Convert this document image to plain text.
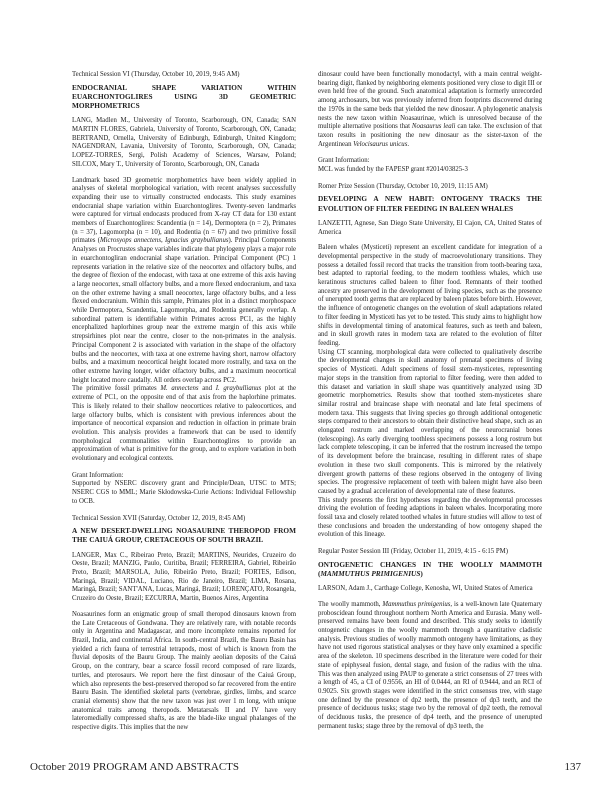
Technical Session VI (Thursday, October 10, 2019, 9:45 AM)

ENDOCRANIAL SHAPE VARIATION WITHIN EUARCHONTOGLIRES USING 3D GEOMETRIC MORPHOMETRICS

LANG, Madlen M., University of Toronto, Scarborough, ON, Canada; SAN MARTIN FLORES, Gabriela, University of Toronto, Scarborough, ON, Canada; BERTRAND, Ornella, University of Edinburgh, Edinburgh, United Kingdom; NAGENDRAN, Lavania, University of Toronto, Scarborough, ON, Canada; LOPEZ-TORRES, Sergi, Polish Academy of Sciences, Warsaw, Poland; SILCOX, Mary T., University of Toronto, Scarborough, ON, Canada

Landmark based 3D geometric morphometrics have been widely applied in analyses of skeletal morphological variation, with recent analyses successfully expanding their use to virtually constructed endocasts. This study examines endocranial shape variation within Euarchontoglires. Twenty-seven landmarks were captured for virtual endocasts produced from X-ray CT data for 130 extant members of Euarchontoglires: Scandentia (n = 14), Dermoptera (n = 2), Primates (n = 37), Lagomorpha (n = 10), and Rodentia (n = 67) and two primitive fossil primates (Microsyops annectens, Ignacius graybullianus). Principal Components Analyses on Procrustes shape variables indicate that phylogeny plays a major role in euarchontogliran endocranial shape variation. Principal Component (PC) 1 represents variation in the relative size of the neocortex and olfactory bulbs, and the degree of flexion of the endocast, with taxa at one extreme of this axis having a large neocortex, small olfactory bulbs, and a more flexed endocranium, and taxa on the other extreme having a small neocortex, large olfactory bulbs, and a less flexed endocranium. Within this sample, Primates plot in a distinct morphospace while Dermoptera, Scandentia, Lagomorpha, and Rodentia generally overlap. A subordinal pattern is identifiable within Primates across PC1, as the highly encephalized haplorhines group near the extreme margin of this axis while strepsirhines plot near the centre, closer to the non-primates in the analysis. Principal Component 2 is associated with variation in the shape of the olfactory bulbs and the neocortex, with taxa at one extreme having short, narrow olfactory bulbs, and a maximum neocortical height located more rostrally, and taxa on the other extreme having longer, wider olfactory bulbs, and a maximum neocortical height located more caudally. All orders overlap across PC2.

The primitive fossil primates M. annectens and I. graybullianus plot at the extreme of PC1, on the opposite end of that axis from the haplorhine primates. This is likely related to their shallow neocortices relative to paleocortices, and large olfactory bulbs, which is consistent with previous inferences about the importance of neocortical expansion and reduction in olfaction in primate brain evolution. This analysis provides a framework that can be used to identify morphological commonalities within Euarchontoglires to provide an approximation of what is primitive for the group, and to explore variation in both evolutionary and ecological contexts.

Grant Information:

Supported by NSERC discovery grant and Principle/Dean, UTSC to MTS; NSERC CGS to MML; Marie Skłodowska-Curie Actions: Individual Fellowship to OCB.

Technical Session XVII (Saturday, October 12, 2019, 8:45 AM)

A NEW DESERT-DWELLING NOASAURINE THEROPOD FROM THE CAIUÁ GROUP, CRETACEOUS OF SOUTH BRAZIL

LANGER, Max C., Ribeirao Preto, Brazil; MARTINS, Neurides, Cruzeiro do Oeste, Brazil; MANZIG, Paulo, Curitiba, Brazil; FERREIRA, Gabriel, Ribeirão Preto, Brazil; MARSOLA, Julio, Ribeirão Preto, Brazil; FORTES, Edison, Maringá, Brazil; VIDAL, Luciano, Rio de Janeiro, Brazil; LIMA, Rosana, Maringá, Brazil; SANT'ANA, Lucas, Maringá, Brazil; LORENÇATO, Rosangela, Cruzeiro do Oeste, Brazil; EZCURRA, Martin, Buenos Aires, Argentina

Noasaurines form an enigmatic group of small theropod dinosaurs known from the Late Cretaceous of Gondwana. They are relatively rare, with notable records only in Argentina and Madagascar, and more incomplete remains reported for Brazil, India, and continental Africa. In south-central Brazil, the Bauru Basin has yielded a rich fauna of terrestrial tetrapods, most of which is known from the fluvial deposits of the Bauru Group. The mainly aeolian deposits of the Caiuá Group, on the contrary, bear a scarce fossil record composed of rare lizards, turtles, and pterosaurs. We report here the first dinosaur of the Caiuá Group, which also represents the best-preserved theropod so far recovered from the entire Bauru Basin. The identified skeletal parts (vertebrae, girdles, limbs, and scarce cranial elements) show that the new taxon was just over 1 m long, with unique anatomical traits among theropods. Metatarsals II and IV have very lateromedially compressed shafts, as are the blade-like ungual phalanges of the respective digits. This implies that the new

dinosaur could have been functionally monodactyl, with a main central weight-bearing digit, flanked by neighboring elements positioned very close to digit III or even held free of the ground. Such anatomical adaptation is formerly unrecorded among archosaurs, but was previously inferred from footprints discovered during the 1970s in the same beds that yielded the new dinosaur. A phylogenetic analysis nests the new taxon within Noasaurinae, which is unresolved because of the multiple alternative positions that Noasaurus leali can take. The exclusion of that taxon results in positioning the new dinosaur as the sister-taxon of the Argentinean Velocisaurus unicus.

Grant Information:

MCL was funded by the FAPESP grant #2014/03825-3

Romer Prize Session (Thursday, October 10, 2019, 11:15 AM)

DEVELOPING A NEW HABIT: ONTOGENY TRACKS THE EVOLUTION OF FILTER FEEDING IN BALEEN WHALES

LANZETTI, Agnese, San Diego State University, El Cajon, CA, United States of America

Baleen whales (Mysticeti) represent an excellent candidate for integration of a developmental perspective in the study of macroevolutionary transitions. They possess a detailed fossil record that tracks the transition from tooth-bearing taxa, best adapted to raptorial feeding, to the modern toothless whales, which use keratinous structures called baleen to filter food. Remnants of their toothed ancestry are preserved in the development of living species, such as the presence of unerupted tooth germs that are replaced by baleen plates before birth. However, the influence of ontogenetic changes on the evolution of skull adaptations related to filter feeding in Mysticeti has yet to be tested. This study aims to highlight how shifts in developmental timing of anatomical features, such as teeth and baleen, and in skull growth rates in modern taxa are related to the evolution of filter feeding.

Using CT scanning, morphological data were collected to qualitatively describe the developmental changes in skull anatomy of prenatal specimens of living species of Mysticeti. Adult specimens of fossil stem-mysticetes, representing major steps in the transition from raptorial to filter feeding, were then added to this dataset and variation in skull shape was quantitively analyzed using 3D geometric morphometrics. Results show that toothed stem-mysticetes share similar rostral and braincase shape with neonatal and late fetal specimens of modern taxa. This suggests that living species go through additional ontogenetic steps compared to their ancestors to obtain their distinctive head shape, such as an elongated rostrum and marked overlapping of the neurocranial bones (telescoping). As early diverging toothless specimens possess a long rostrum but lack complete telescoping, it can be inferred that the rostrum increased the tempo of its development before the braincase, resulting in different rates of shape evolution in these two skull components. This is mirrored by the relatively divergent growth patterns of these regions observed in the ontogeny of living species. The progressive replacement of teeth with baleen might have also been caused by a gradual acceleration of developmental rate of these features.

This study presents the first hypotheses regarding the developmental processes driving the evolution of feeding adaptions in baleen whales. Incorporating more fossil taxa and closely related toothed whales in future studies will allow to test of these conclusions and broaden the understanding of how ontogeny shaped the evolution of this lineage.

Regular Poster Session III (Friday, October 11, 2019, 4:15 - 6:15 PM)

ONTOGENETIC CHANGES IN THE WOOLLY MAMMOTH (MAMMUTHUS PRIMIGENIUS)

LARSON, Adam J., Carthage College, Kenosha, WI, United States of America

The woolly mammoth, Mammuthus primigenius, is a well-known late Quaternary proboscidean found throughout northern North America and Eurasia. Many well-preserved remains have been found and described. This study seeks to identify ontogenetic changes in the woolly mammoth through a quantitative cladistic analysis. Previous studies of woolly mammoth ontogeny have limitations, as they have not used rigorous statistical analyses or they have only examined a specific area of the skeleton. 10 specimens described in the literature were coded for their state of epiphyseal fusion, dental stage, and fusion of the radius with the ulna. This was then analyzed using PAUP to generate a strict consensus of 27 trees with a length of 45, a CI of 0.9556, an HI of 0.0444, an RI of 0.9444, and an RCI of 0.9025. Six growth stages were identified in the strict consensus tree, with stage one defined by the presence of dp2 teeth, the presence of dp3 teeth, and the presence of deciduous tusks; stage two by the removal of dp2 teeth, the removal of deciduous tusks, the presence of dp4 teeth, and the presence of unerupted permanent tusks; stage three by the removal of dp3 teeth, the

October 2019 PROGRAM AND ABSTRACTS	137
